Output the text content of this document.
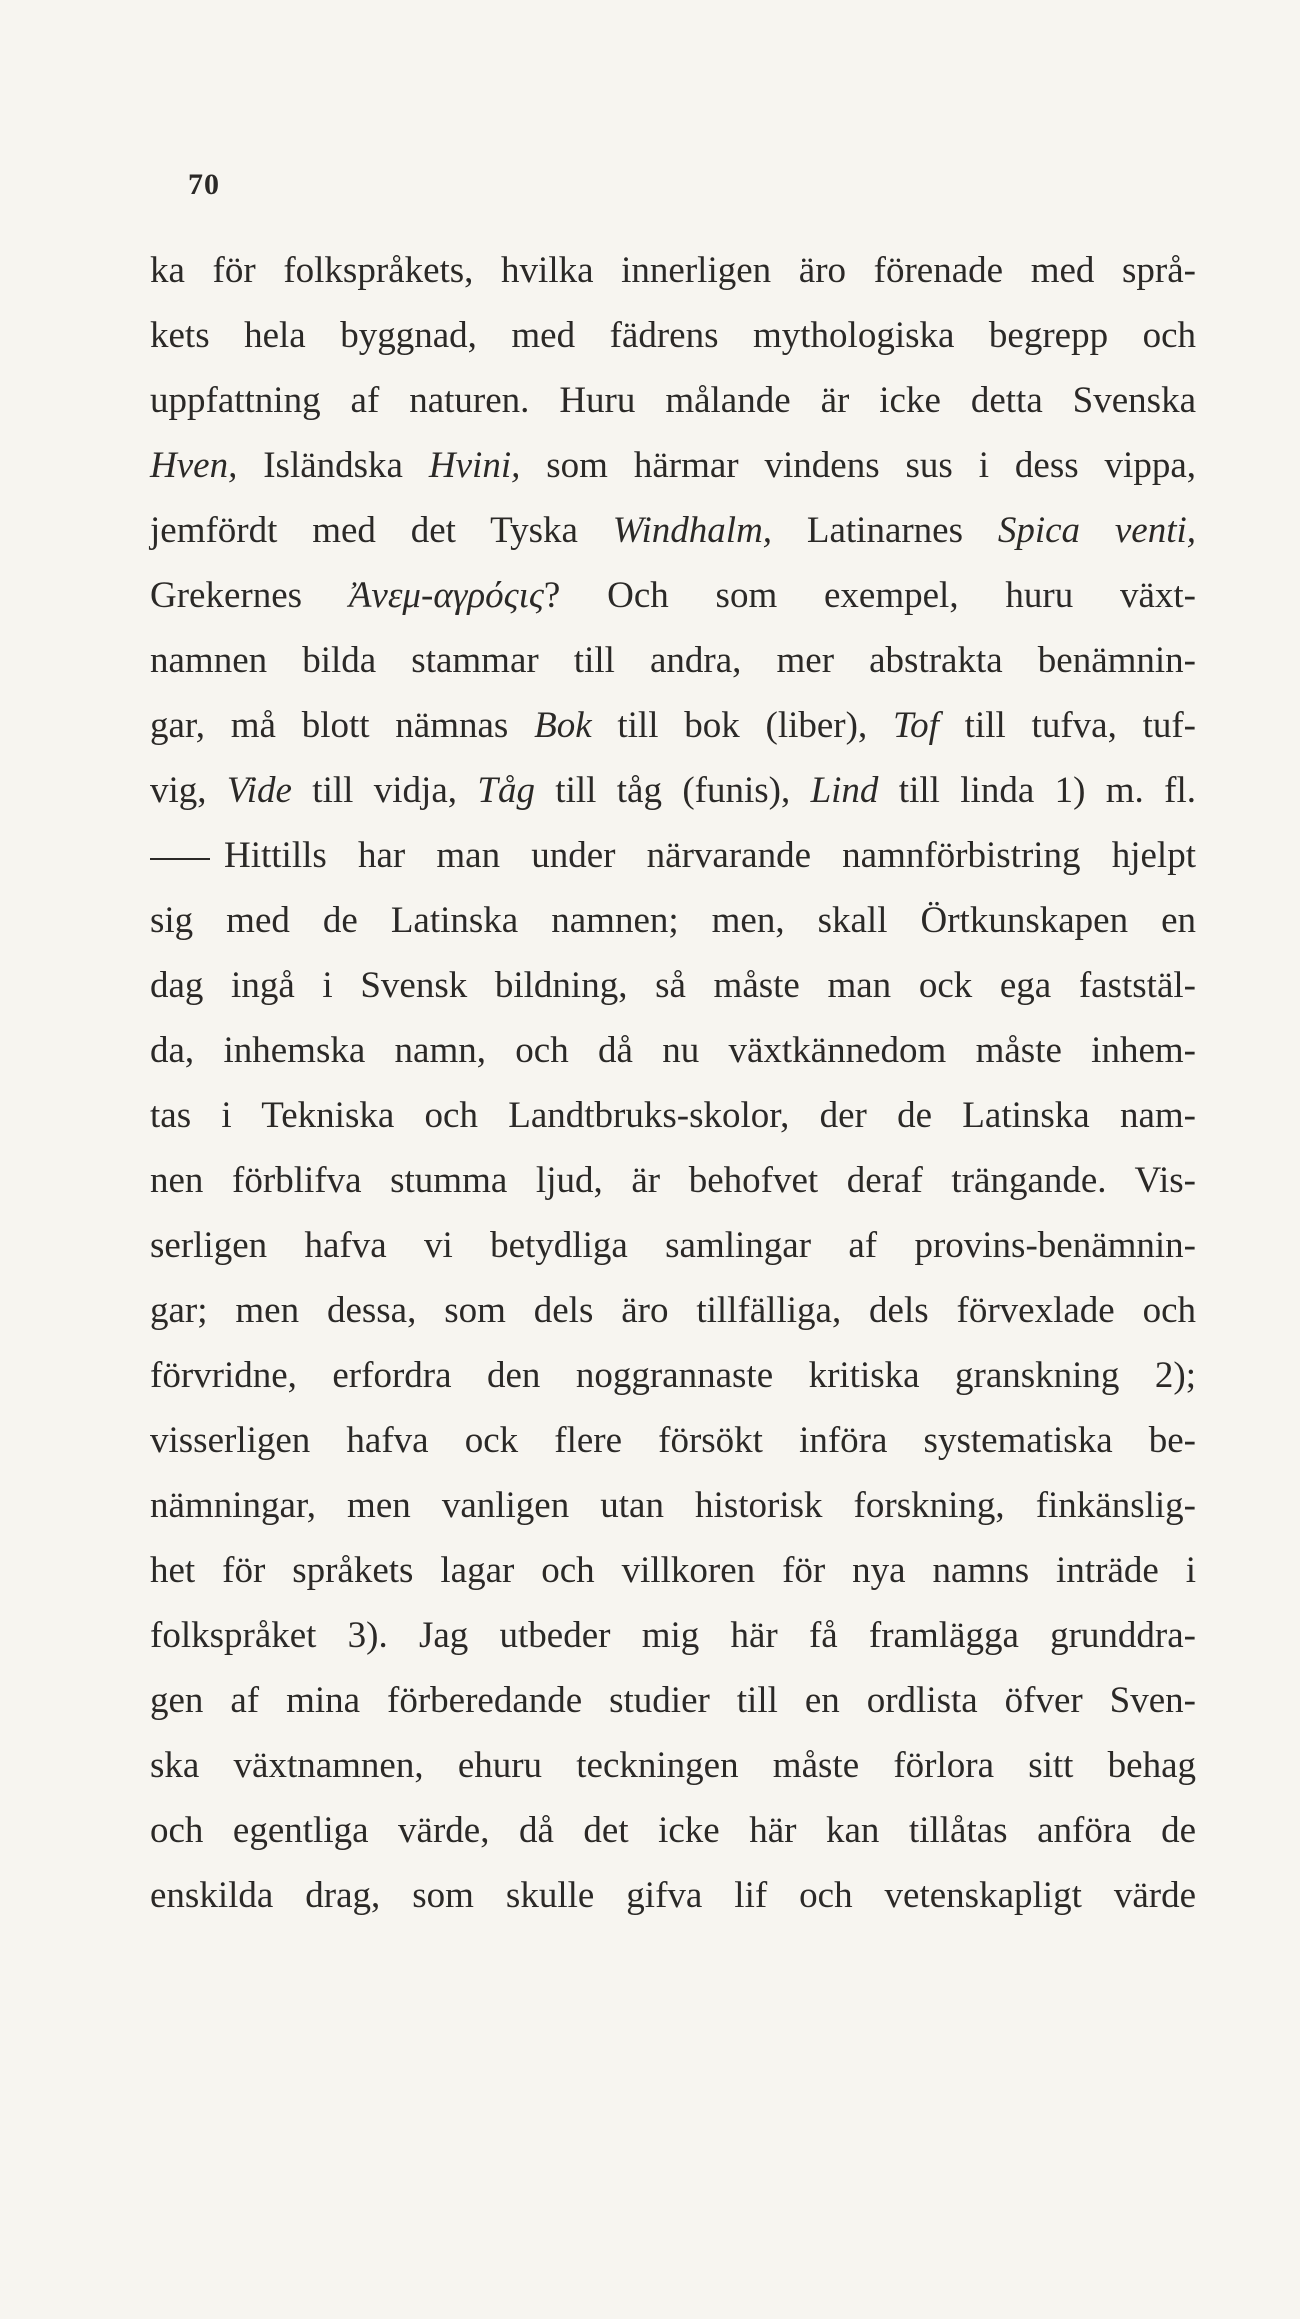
70
ka för folkspråkets, hvilka innerligen äro förenade med språ-
kets hela byggnad, med fädrens mythologiska begrepp och
uppfattning af naturen. Huru målande är icke detta Svenska
Hven, Isländska Hvini, som härmar vindens sus i dess vippa,
jemfördt med det Tyska Windhalm, Latinarnes Spica venti,
Grekernes Ἀνεμ-αγρόςις? Och som exempel, huru växt-
namnen bilda stammar till andra, mer abstrakta benämnin-
gar, må blott nämnas Bok till bok (liber), Tof till tufva, tuf-
vig, Vide till vidja, Tåg till tåg (funis), Lind till linda 1) m. fl.
Hittills har man under närvarande namnförbistring hjelpt
sig med de Latinska namnen; men, skall Örtkunskapen en
dag ingå i Svensk bildning, så måste man ock ega faststäl-
da, inhemska namn, och då nu växtkännedom måste inhem-
tas i Tekniska och Landtbruks-skolor, der de Latinska nam-
nen förblifva stumma ljud, är behofvet deraf trängande. Vis-
serligen hafva vi betydliga samlingar af provins-benämnin-
gar; men dessa, som dels äro tillfälliga, dels förvexlade och
förvridne, erfordra den noggrannaste kritiska granskning 2);
visserligen hafva ock flere försökt införa systematiska be-
nämningar, men vanligen utan historisk forskning, finkänslig-
het för språkets lagar och villkoren för nya namns inträde i
folkspråket 3). Jag utbeder mig här få framlägga grunddra-
gen af mina förberedande studier till en ordlista öfver Sven-
ska växtnamnen, ehuru teckningen måste förlora sitt behag
och egentliga värde, då det icke här kan tillåtas anföra de
enskilda drag, som skulle gifva lif och vetenskapligt värde
